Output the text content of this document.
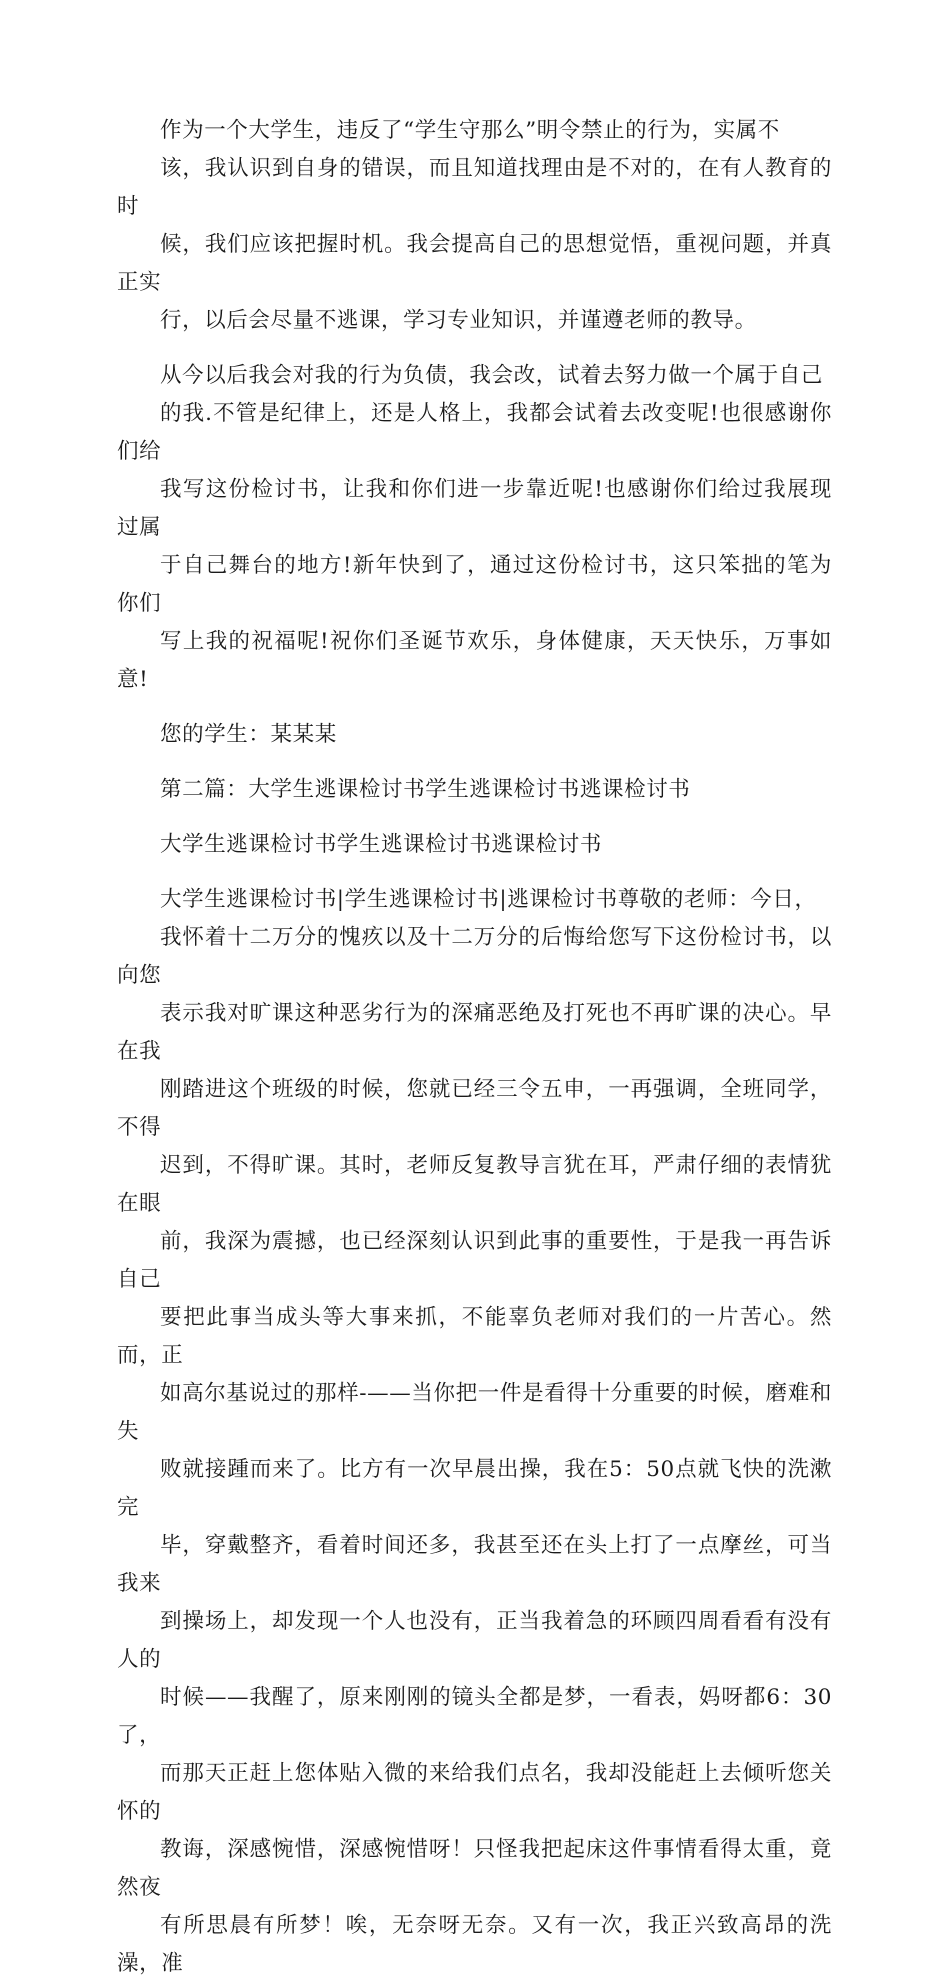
作为一个大学生，违反了“学生守那么”明令禁止的行为，实属不
该，我认识到自身的错误，而且知道找理由是不对的，在有人教育的时
候，我们应该把握时机。我会提高自己的思想觉悟，重视问题，并真正实
行，以后会尽量不逃课，学习专业知识，并谨遵老师的教导。

从今以后我会对我的行为负债，我会改，试着去努力做一个属于自己
的我.不管是纪律上，还是人格上，我都会试着去改变呢!也很感谢你们给
我写这份检讨书，让我和你们进一步靠近呢!也感谢你们给过我展现过属
于自己舞台的地方!新年快到了，通过这份检讨书，这只笨拙的笔为你们
写上我的祝福呢!祝你们圣诞节欢乐，身体健康，天天快乐，万事如意!

您的学生：某某某

第二篇：大学生逃课检讨书学生逃课检讨书逃课检讨书

大学生逃课检讨书学生逃课检讨书逃课检讨书

大学生逃课检讨书|学生逃课检讨书|逃课检讨书尊敬的老师：今日，
我怀着十二万分的愧疚以及十二万分的后悔给您写下这份检讨书，以向您
表示我对旷课这种恶劣行为的深痛恶绝及打死也不再旷课的决心。早在我
刚踏进这个班级的时候，您就已经三令五申，一再强调，全班同学，不得
迟到，不得旷课。其时，老师反复教导言犹在耳，严肃仔细的表情犹在眼
前，我深为震撼，也已经深刻认识到此事的重要性，于是我一再告诉自己
要把此事当成头等大事来抓，不能辜负老师对我们的一片苦心。然而，正
如高尔基说过的那样-——当你把一件是看得十分重要的时候，磨难和失
败就接踵而来了。比方有一次早晨出操，我在5：50点就飞快的洗漱完
毕，穿戴整齐，看着时间还多，我甚至还在头上打了一点摩丝，可当我来
到操场上，却发现一个人也没有，正当我着急的环顾四周看看有没有人的
时候——我醒了，原来刚刚的镜头全都是梦，一看表，妈呀都6：30了，
而那天正赶上您体贴入微的来给我们点名，我却没能赶上去倾听您关怀的
教诲，深感惋惜，深感惋惜呀！只怪我把起床这件事情看得太重，竟然夜
有所思晨有所梦！唉，无奈呀无奈。又有一次，我正兴致高昂的洗澡，准
